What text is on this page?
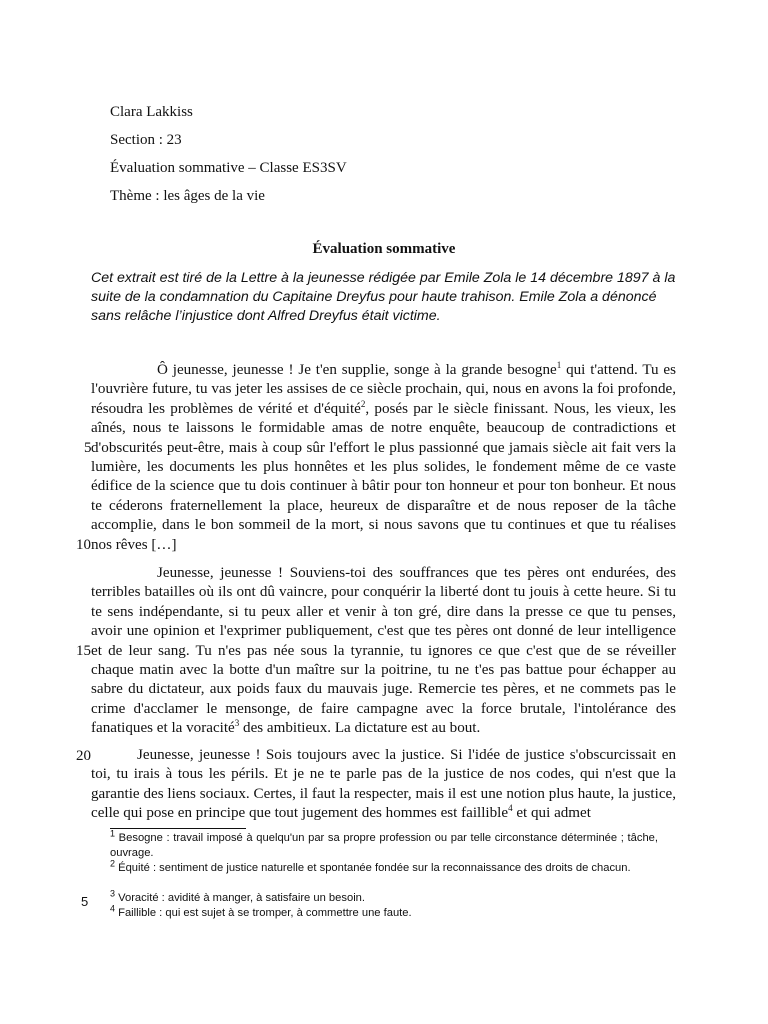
Clara Lakkiss
Section : 23
Évaluation sommative – Classe ES3SV
Thème : les âges de la vie
Évaluation sommative
Cet extrait est tiré de la Lettre à la jeunesse rédigée par Emile Zola le 14 décembre 1897 à la suite de la condamnation du Capitaine Dreyfus pour haute trahison. Emile Zola a dénoncé sans relâche l’injustice dont Alfred Dreyfus était victime.
Ô jeunesse, jeunesse ! Je t'en supplie, songe à la grande besogne$^1$ qui t'attend. Tu es l'ouvrière future, tu vas jeter les assises de ce siècle prochain, qui, nous en avons la foi profonde, résoudra les problèmes de vérité et d'équité$^2$, posés par le siècle finissant. Nous, les vieux, les aînés, nous te laissons le formidable amas de notre enquête, beaucoup de contradictions et d'obscurités peut-être, mais à coup sûr l'effort le plus passionné que jamais siècle ait fait vers la lumière, les documents les plus honnêtes et les plus solides, le fondement même de ce vaste édifice de la science que tu dois continuer à bâtir pour ton honneur et pour ton bonheur. Et nous te céderons fraternellement la place, heureux de disparaître et de nous reposer de la tâche accomplie, dans le bon sommeil de la mort, si nous savons que tu continues et que tu réalises nos rêves […]
Jeunesse, jeunesse ! Souviens-toi des souffrances que tes pères ont endurées, des terribles batailles où ils ont dû vaincre, pour conquérir la liberté dont tu jouis à cette heure. Si tu te sens indépendante, si tu peux aller et venir à ton gré, dire dans la presse ce que tu penses, avoir une opinion et l'exprimer publiquement, c'est que tes pères ont donné de leur intelligence et de leur sang. Tu n'es pas née sous la tyrannie, tu ignores ce que c'est que de se réveiller chaque matin avec la botte d'un maître sur la poitrine, tu ne t'es pas battue pour échapper au sabre du dictateur, aux poids faux du mauvais juge. Remercie tes pères, et ne commets pas le crime d'acclamer le mensonge, de faire campagne avec la force brutale, l'intolérance des fanatiques et la voracité$^3$ des ambitieux. La dictature est au bout.
Jeunesse, jeunesse ! Sois toujours avec la justice. Si l'idée de justice s'obscurcissait en toi, tu irais à tous les périls. Et je ne te parle pas de la justice de nos codes, qui n'est que la garantie des liens sociaux. Certes, il faut la respecter, mais il est une notion plus haute, la justice, celle qui pose en principe que tout jugement des hommes est faillible$^4$ et qui admet
5
10
15
20
$^1$ Besogne : travail imposé à quelqu'un par sa propre profession ou par telle circonstance déterminée ; tâche, ouvrage.
$^2$ Équité : sentiment de justice naturelle et spontanée fondée sur la reconnaissance des droits de chacun.
$^3$ Voracité : avidité à manger, à satisfaire un besoin.
$^4$ Faillible : qui est sujet à se tromper, à commettre une faute.
5
